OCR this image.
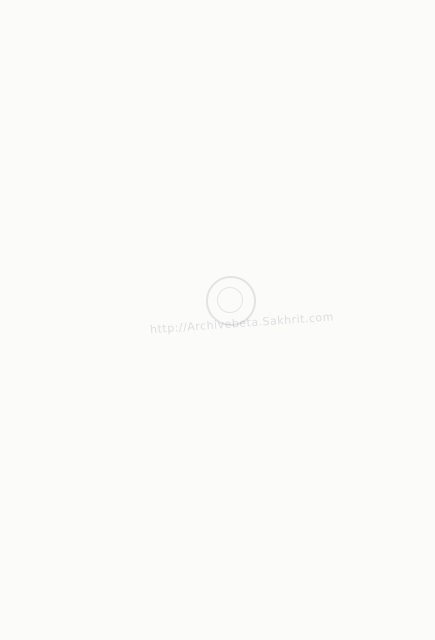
http://Archivebeta.Sakhrit.com
